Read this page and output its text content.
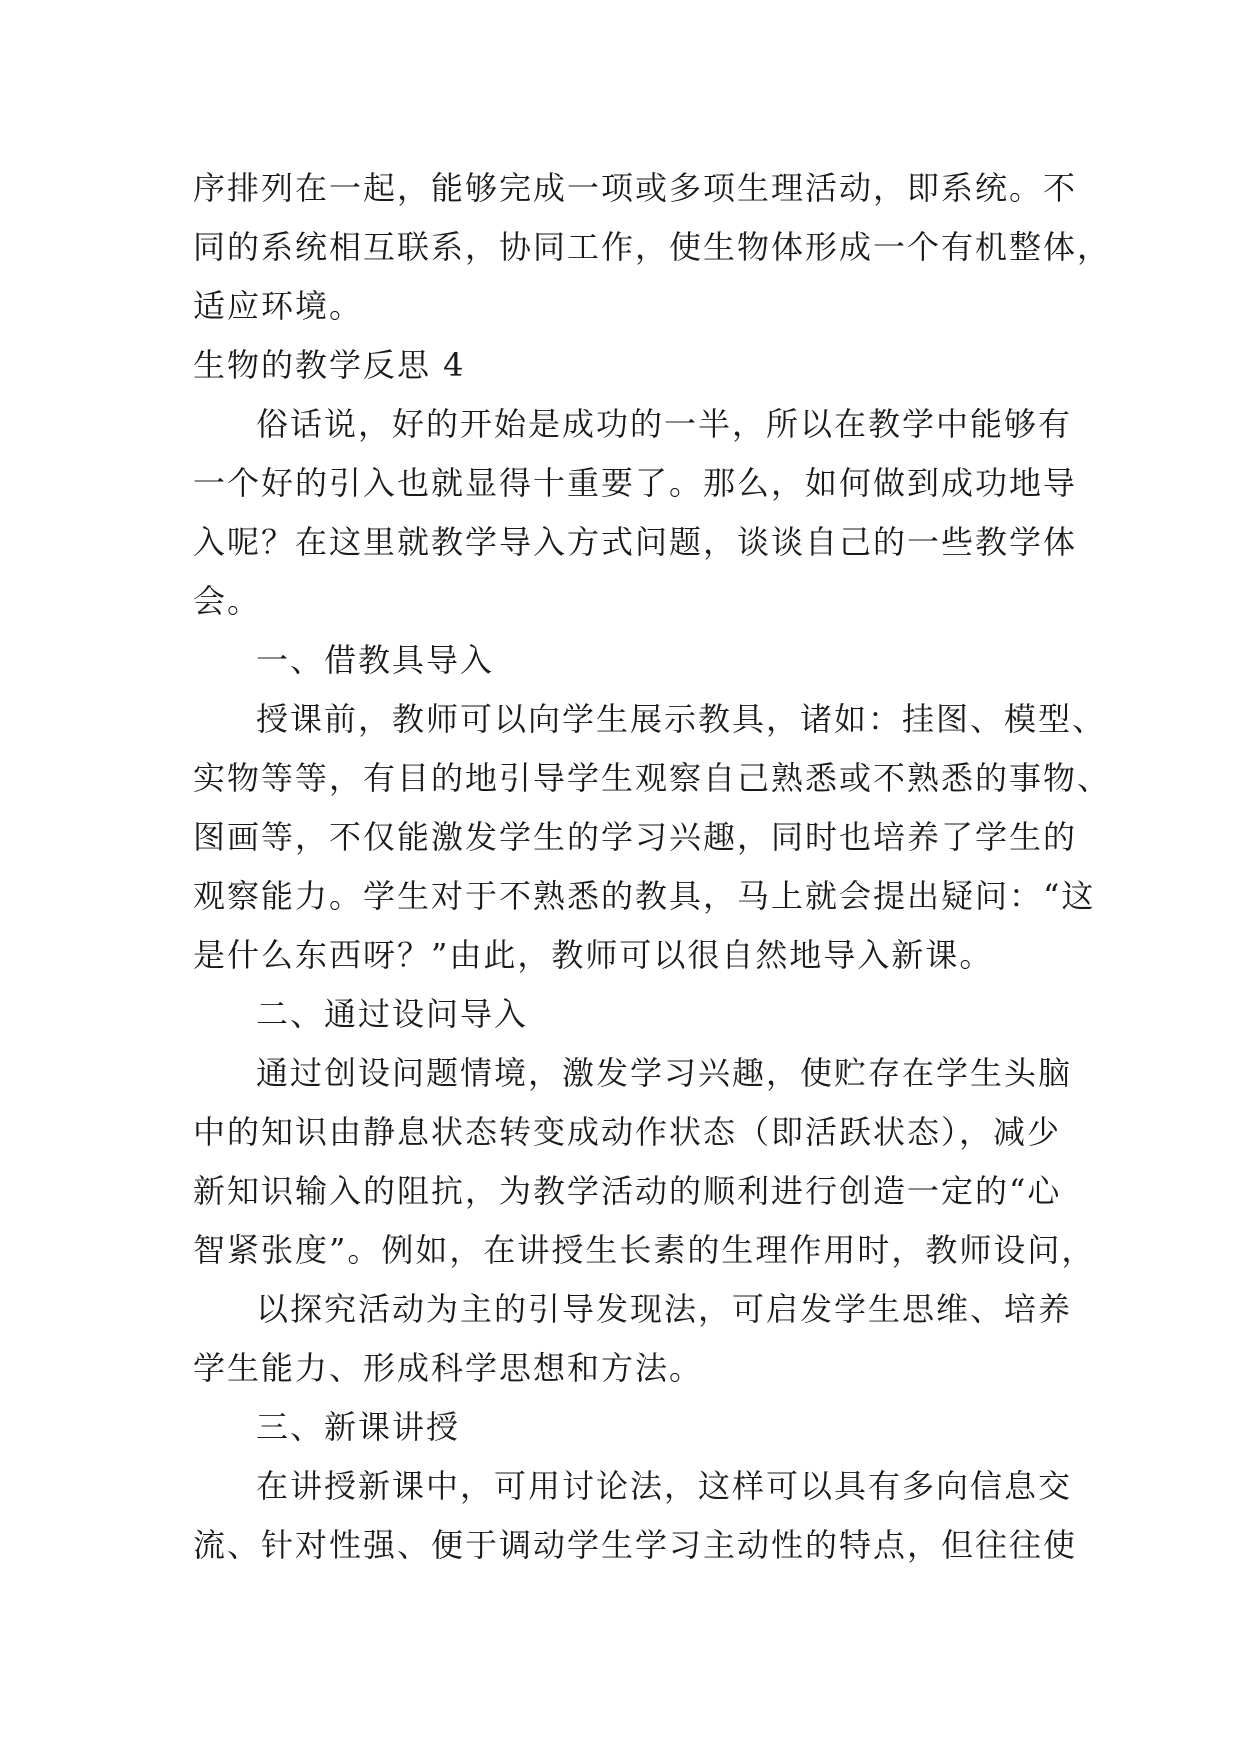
序排列在一起，能够完成一项或多项生理活动，即系统。不
同的系统相互联系，协同工作，使生物体形成一个有机整体，
适应环境。
生物的教学反思 4
俗话说，好的开始是成功的一半，所以在教学中能够有
一个好的引入也就显得十重要了。那么，如何做到成功地导
入呢？在这里就教学导入方式问题，谈谈自己的一些教学体
会。
一、借教具导入
授课前，教师可以向学生展示教具，诸如：挂图、模型、
实物等等，有目的地引导学生观察自己熟悉或不熟悉的事物、
图画等，不仅能激发学生的学习兴趣，同时也培养了学生的
观察能力。学生对于不熟悉的教具，马上就会提出疑问：“这
是什么东西呀？”由此，教师可以很自然地导入新课。
二、通过设问导入
通过创设问题情境，激发学习兴趣，使贮存在学生头脑
中的知识由静息状态转变成动作状态（即活跃状态），减少
新知识输入的阻抗，为教学活动的顺利进行创造一定的“心
智紧张度”。例如，在讲授生长素的生理作用时，教师设问，
以探究活动为主的引导发现法，可启发学生思维、培养
学生能力、形成科学思想和方法。
三、新课讲授
在讲授新课中，可用讨论法，这样可以具有多向信息交
流、针对性强、便于调动学生学习主动性的特点，但往往使
